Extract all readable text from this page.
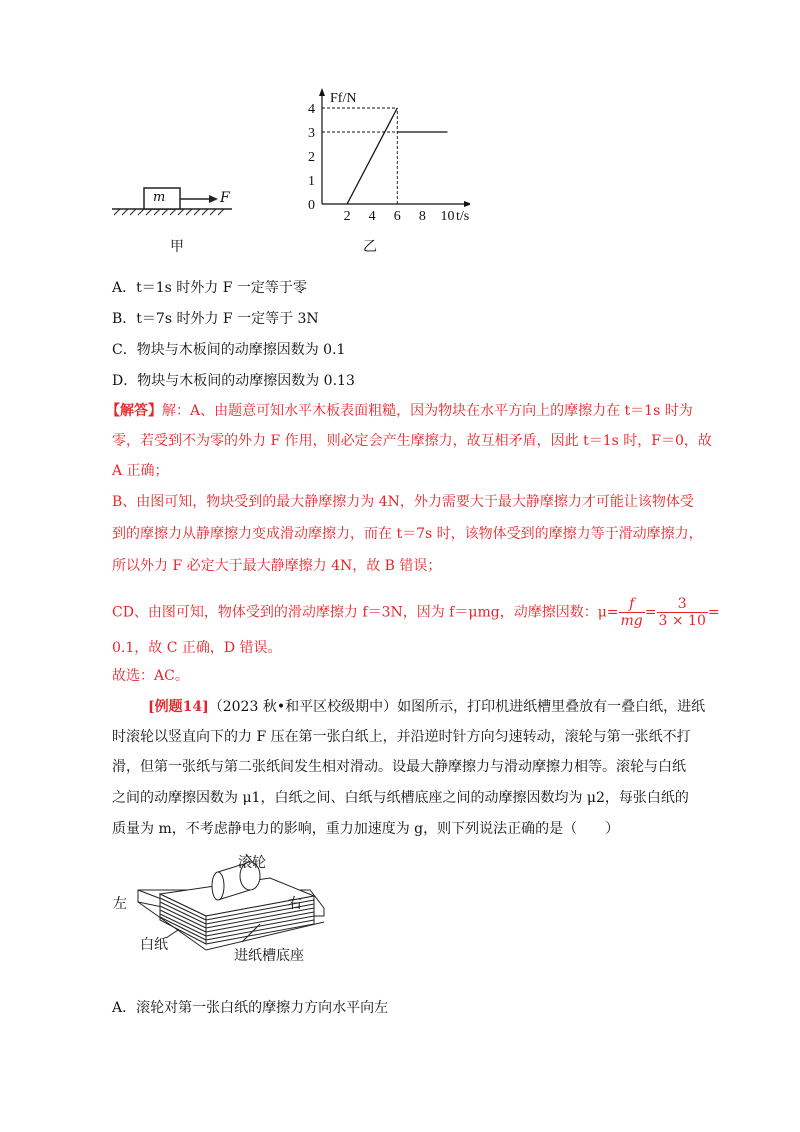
m	F
甲
2 4 6 8 10
1
2
3
4
0
t/s
Ff/N
乙
A．t＝1s 时外力 F 一定等于零
B．t＝7s 时外力 F 一定等于 3N
C．物块与木板间的动摩擦因数为 0.1
D．物块与木板间的动摩擦因数为 0.13
【解答】解：A、由题意可知水平木板表面粗糙，因为物块在水平方向上的摩擦力在 t＝1s 时为
零，若受到不为零的外力 F 作用，则必定会产生摩擦力，故互相矛盾，因此 t＝1s 时，F＝0，故
A 正确；
B、由图可知，物块受到的最大静摩擦力为 4N，外力需要大于最大静摩擦力才可能让该物体受
到的摩擦力从静摩擦力变成滑动摩擦力，而在 t＝7s 时，该物体受到的摩擦力等于滑动摩擦力，
所以外力 F 必定大于最大静摩擦力 4N，故 B 错误；
CD、由图可知，物体受到的滑动摩擦力 f＝3N，因为 f＝μmg，动摩擦因数：$\mu= \frac{f}{mg} = \frac{3}{3 \times 10}$ =
0.1，故 C 正确，D 错误。
故选：AC。
[例题14]（2023 秋•和平区校级期中）如图所示，打印机进纸槽里叠放有一叠白纸，进纸
时滚轮以竖直向下的力 F 压在第一张白纸上，并沿逆时针方向匀速转动，滚轮与第一张纸不打
滑，但第一张纸与第二张纸间发生相对滑动。设最大静摩擦力与滑动摩擦力相等。滚轮与白纸
之间的动摩擦因数为 μ1，白纸之间、白纸与纸槽底座之间的动摩擦因数均为 μ2，每张白纸的
质量为 m，不考虑静电力的影响，重力加速度为 g，则下列说法正确的是（　　）
滚轮
左	右
白纸
进纸槽底座
A．滚轮对第一张白纸的摩擦力方向水平向左
